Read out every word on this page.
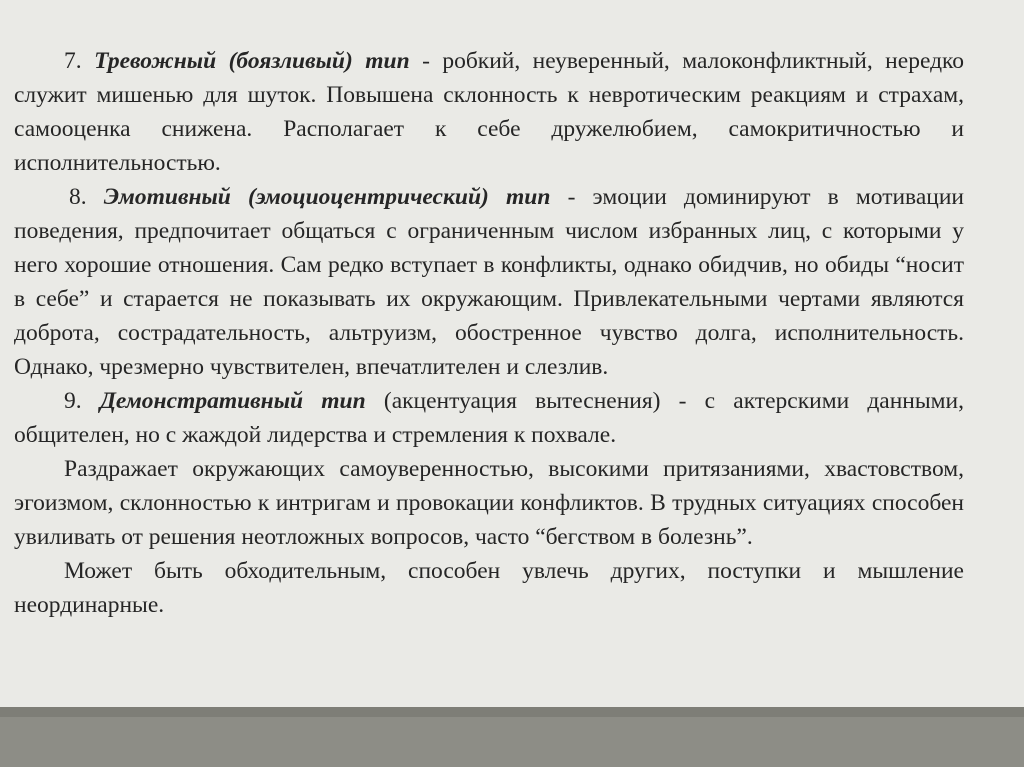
7. Тревожный (боязливый) тип - робкий, неуверенный, малоконфликтный, нередко служит мишенью для шуток. Повышена склонность к невротическим реакциям и страхам, самооценка снижена. Располагает к себе дружелюбием, самокритичностью и исполнительностью.

8. Эмотивный (эмоциоцентрический) тип - эмоции доминируют в мотивации поведения, предпочитает общаться с ограниченным числом избранных лиц, с которыми у него хорошие отношения. Сам редко вступает в конфликты, однако обидчив, но обиды “носит в себе” и старается не показывать их окружающим. Привлекательными чертами являются доброта, сострадательность, альтруизм, обостренное чувство долга, исполнительность. Однако, чрезмерно чувствителен, впечатлителен и слезлив.

9. Демонстративный тип (акцентуация вытеснения) - с актерскими данными, общителен, но с жаждой лидерства и стремления к похвале.

Раздражает окружающих самоуверенностью, высокими притязаниями, хвастовством, эгоизмом, склонностью к интригам и провокации конфликтов. В трудных ситуациях способен увиливать от решения неотложных вопросов, часто “бегством в болезнь”.

Может быть обходительным, способен увлечь других, поступки и мышление неординарные.
